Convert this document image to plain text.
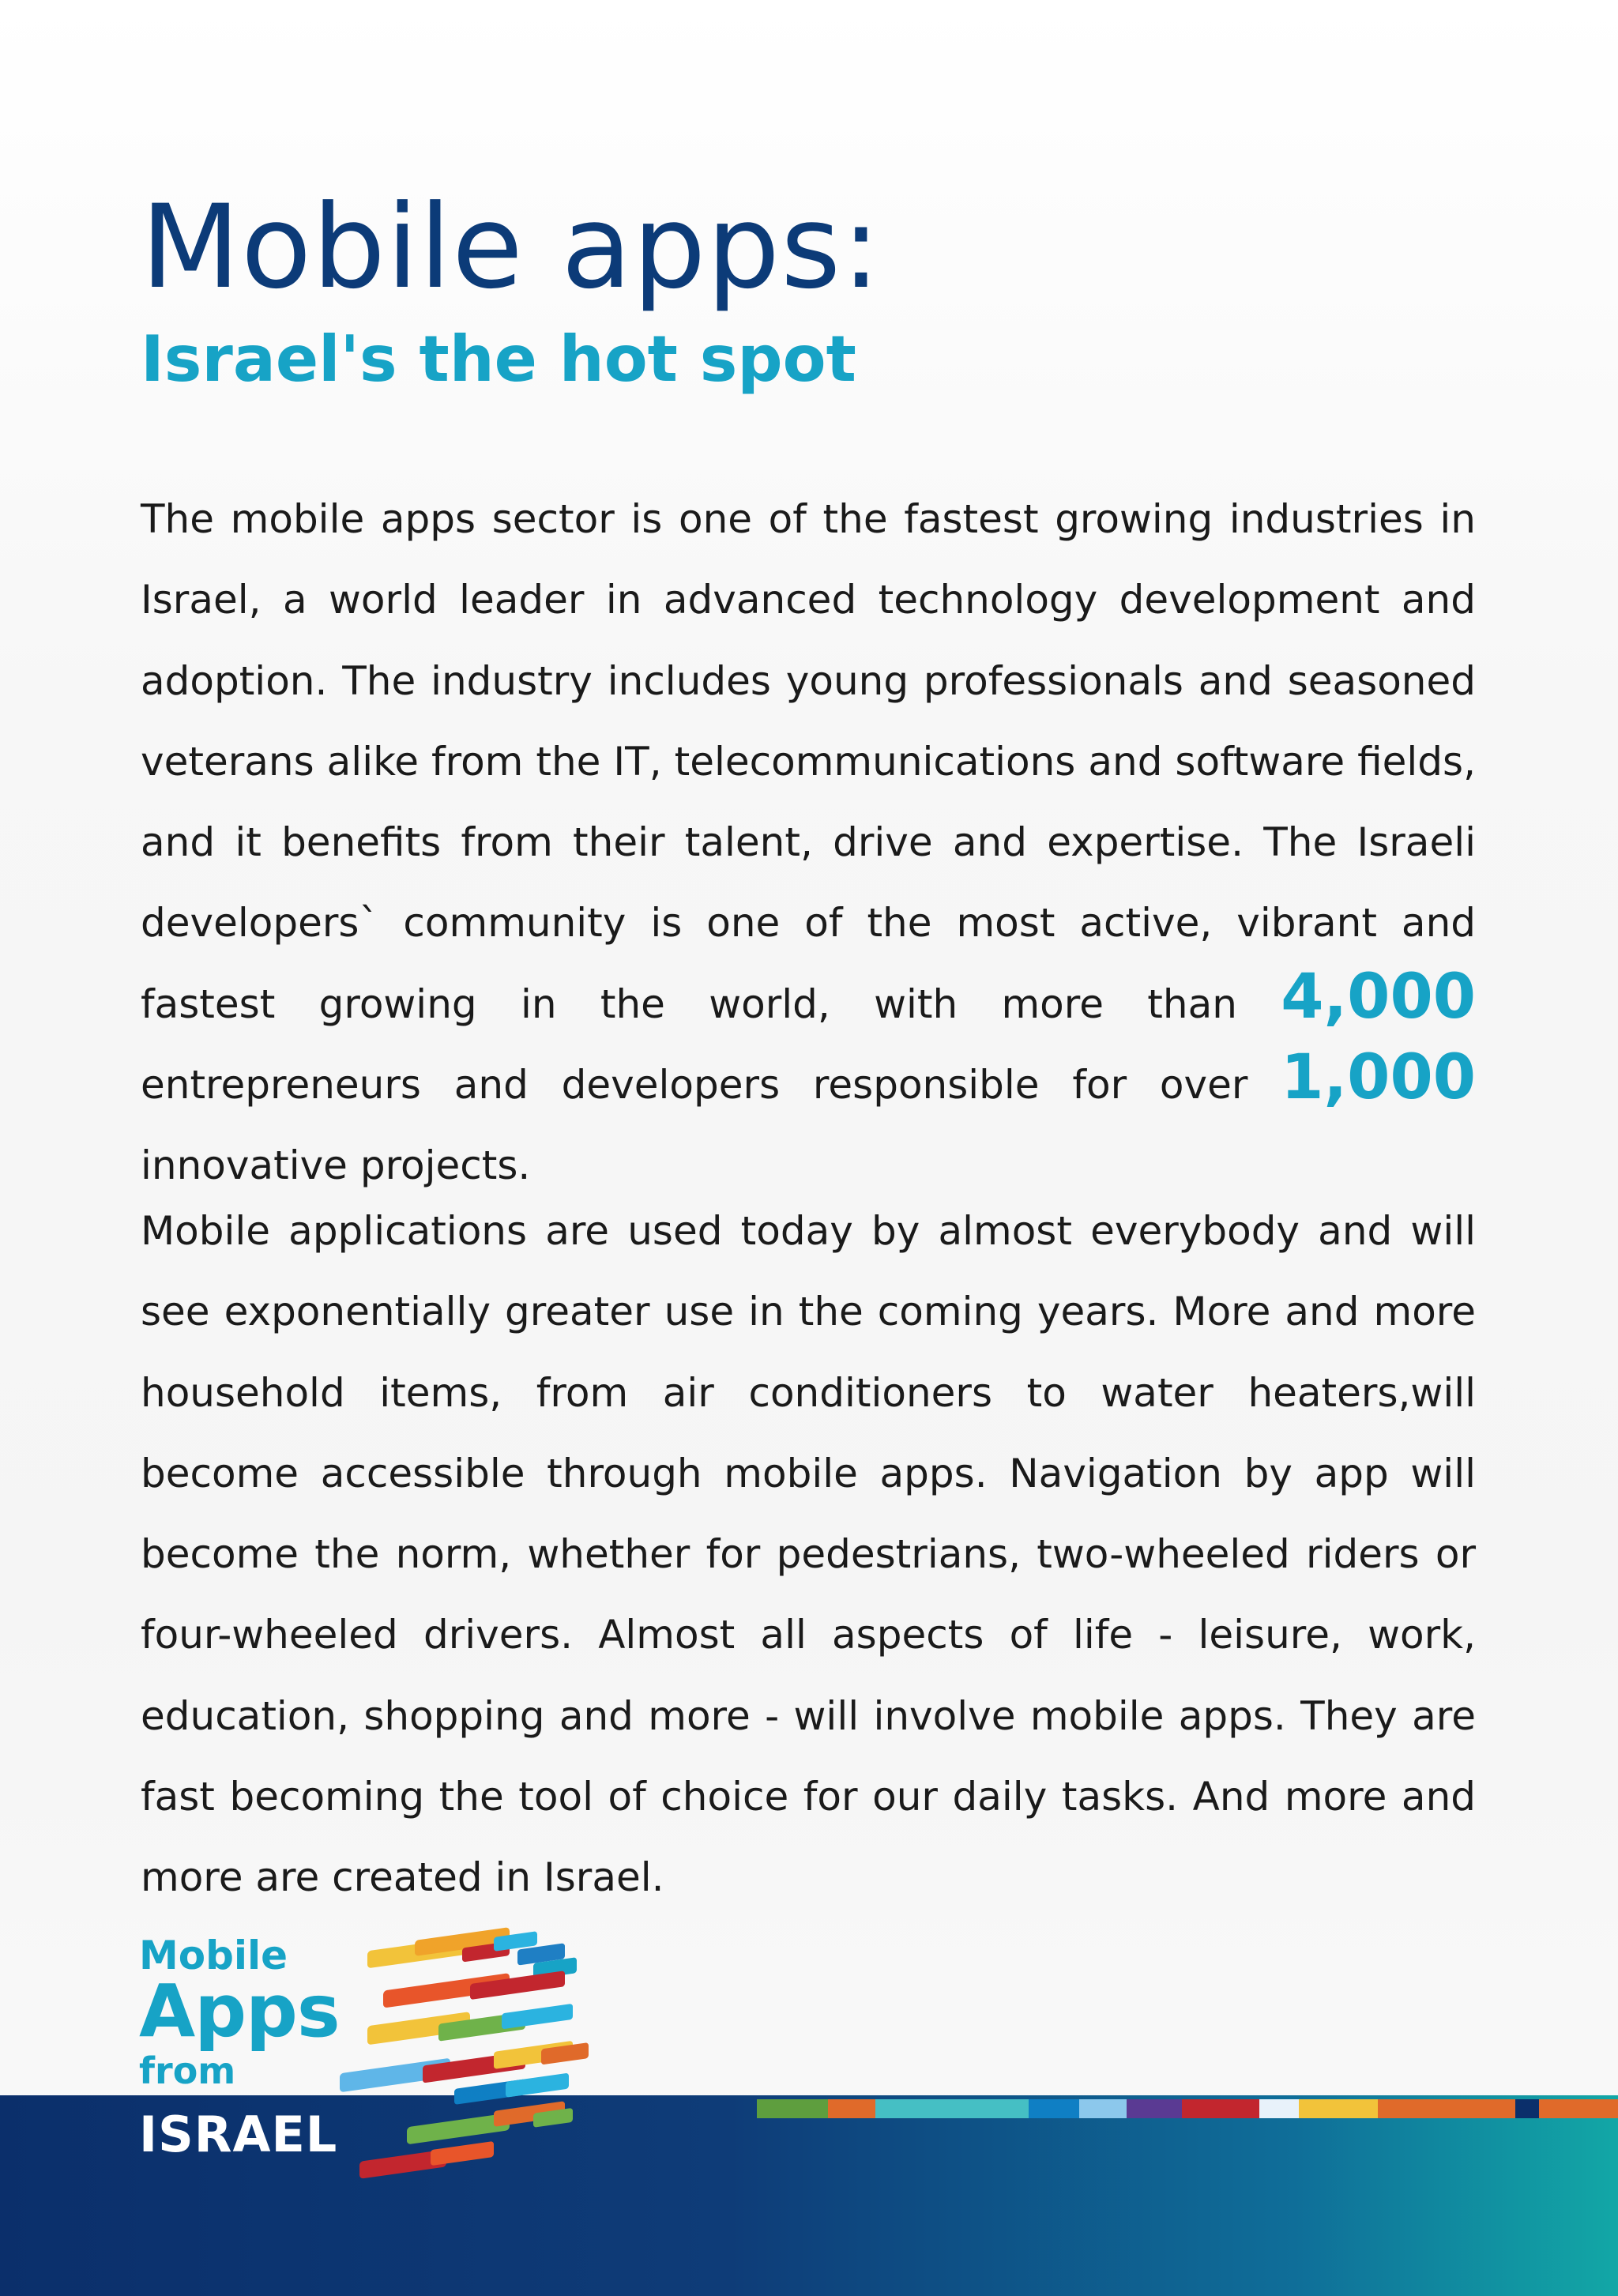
Mobile apps:
Israel's the hot spot

The mobile apps sector is one of the fastest growing industries in Israel, a world leader in advanced technology development and adoption. The industry includes young professionals and seasoned veterans alike from the IT, telecommunications and software fields, and it benefits from their talent, drive and expertise. The Israeli developers` community is one of the most active, vibrant and fastest growing in the world, with more than 4,000 entrepreneurs and developers responsible for over 1,000 innovative projects.

Mobile applications are used today by almost everybody and will see exponentially greater use in the coming years. More and more household items, from air conditioners to water heaters,will become accessible through mobile apps. Navigation by app will become the norm, whether for pedestrians, two-wheeled riders or four-wheeled drivers. Almost all aspects of life - leisure, work, education, shopping and more - will involve mobile apps. They are fast becoming the tool of choice for our daily tasks. And more and more are created in Israel.

Mobile

Apps

from

ISRAEL
